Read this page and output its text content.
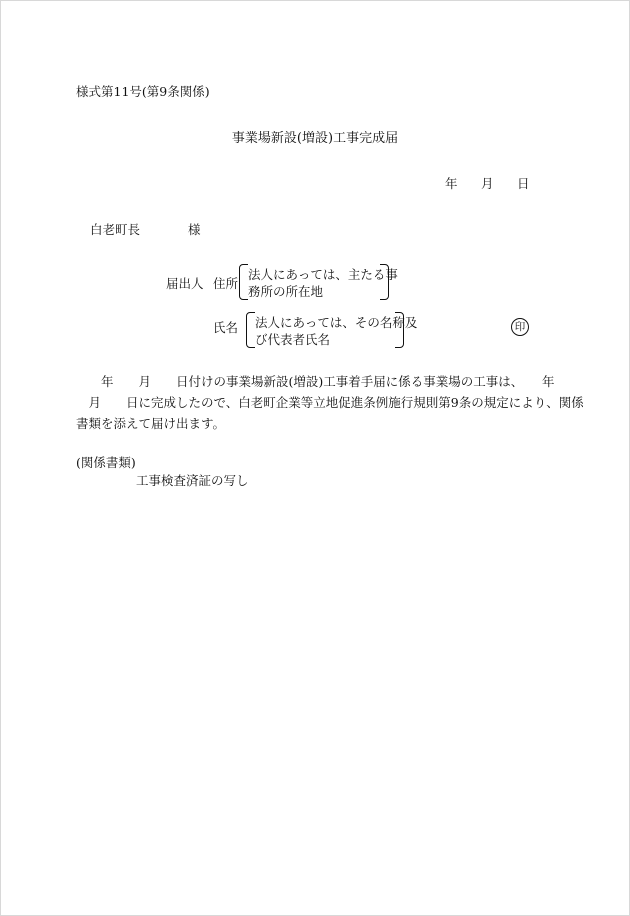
様式第11号(第9条関係)
事業場新設(増設)工事完成届
年 月 日
白老町長	様
届出人 住所
法人にあっては、主たる事
務所の所在地
氏名 法人にあっては、その名称及
び代表者氏名
印
　　年　　月　　日付けの事業場新設(増設)工事着手届に係る事業場の工事は、　　年
　月　　日に完成したので、白老町企業等立地促進条例施行規則第9条の規定により、関係
書類を添えて届け出ます。
(関係書類)
工事検査済証の写し
